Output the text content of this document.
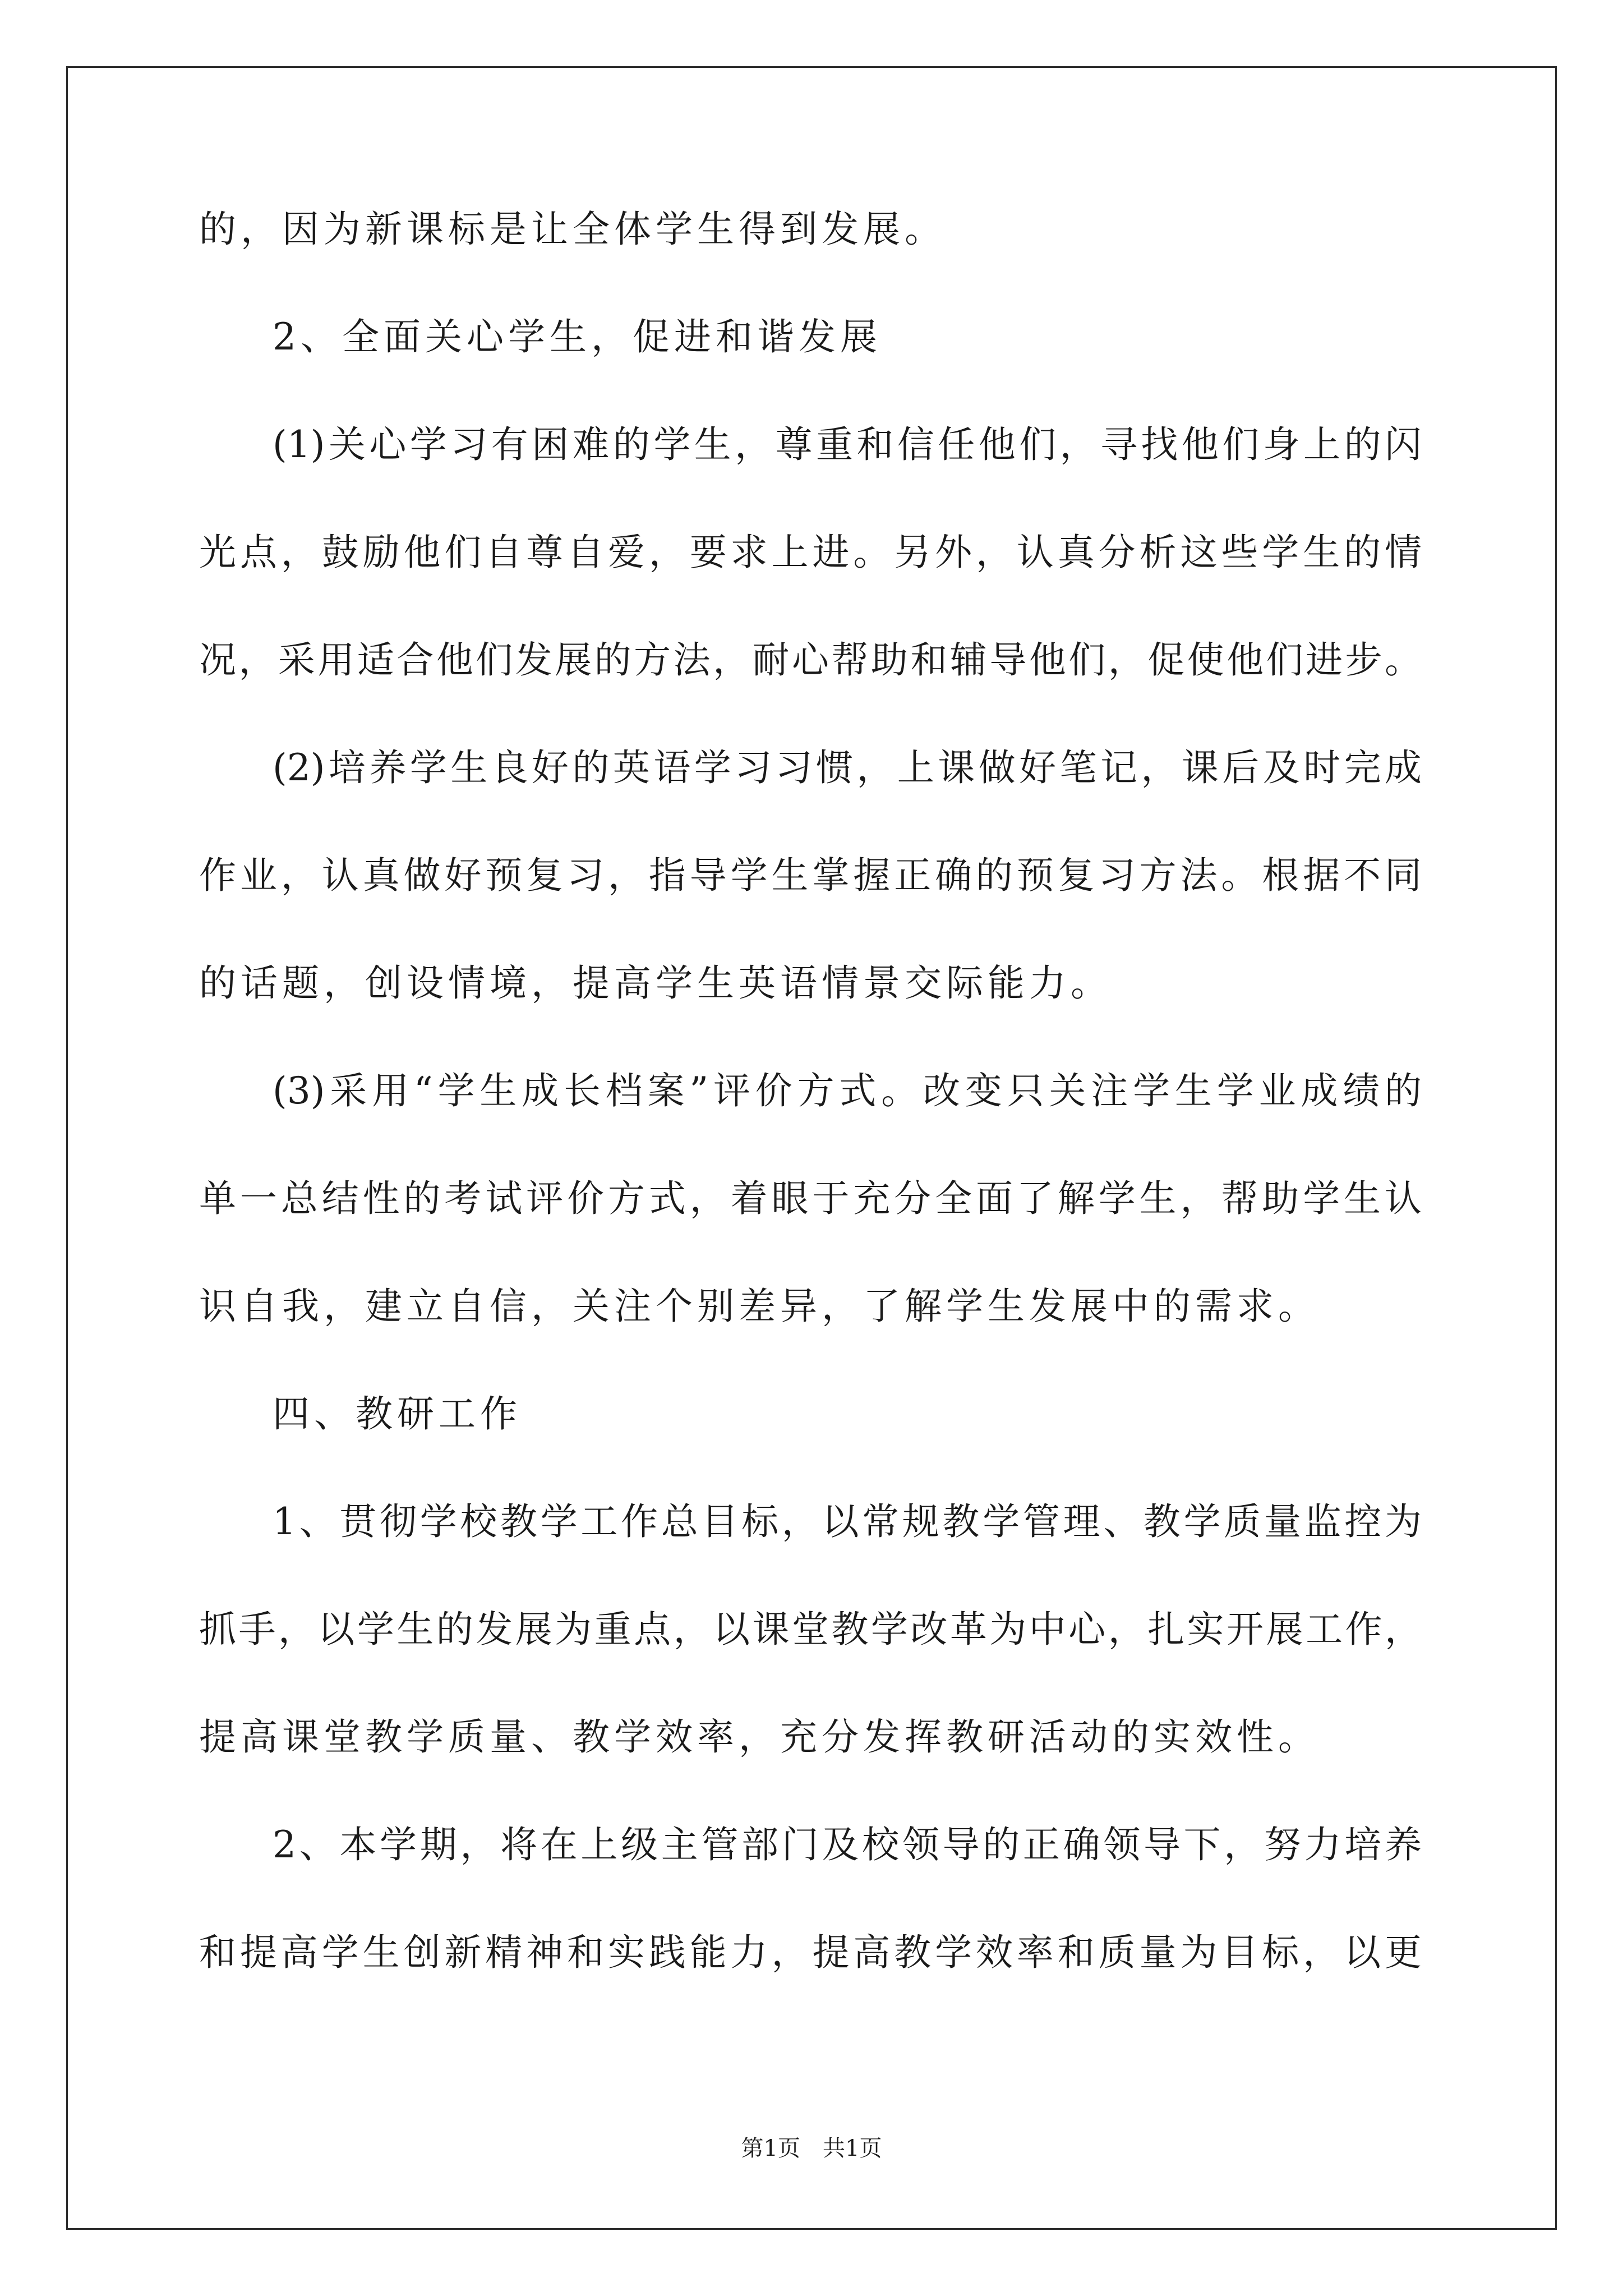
的，因为新课标是让全体学生得到发展。
2、全面关心学生，促进和谐发展
(1)关心学习有困难的学生，尊重和信任他们，寻找他们身上的闪
光点，鼓励他们自尊自爱，要求上进。另外，认真分析这些学生的情
况，采用适合他们发展的方法，耐心帮助和辅导他们，促使他们进步。
(2)培养学生良好的英语学习习惯，上课做好笔记，课后及时完成
作业，认真做好预复习，指导学生掌握正确的预复习方法。根据不同
的话题，创设情境，提高学生英语情景交际能力。
(3)采用“学生成长档案”评价方式。改变只关注学生学业成绩的
单一总结性的考试评价方式，着眼于充分全面了解学生，帮助学生认
识自我，建立自信，关注个别差异，了解学生发展中的需求。
四、教研工作
1、贯彻学校教学工作总目标，以常规教学管理、教学质量监控为
抓手，以学生的发展为重点，以课堂教学改革为中心，扎实开展工作，
提高课堂教学质量、教学效率，充分发挥教研活动的实效性。
2、本学期，将在上级主管部门及校领导的正确领导下，努力培养
和提高学生创新精神和实践能力，提高教学效率和质量为目标，以更
第1页　共1页
